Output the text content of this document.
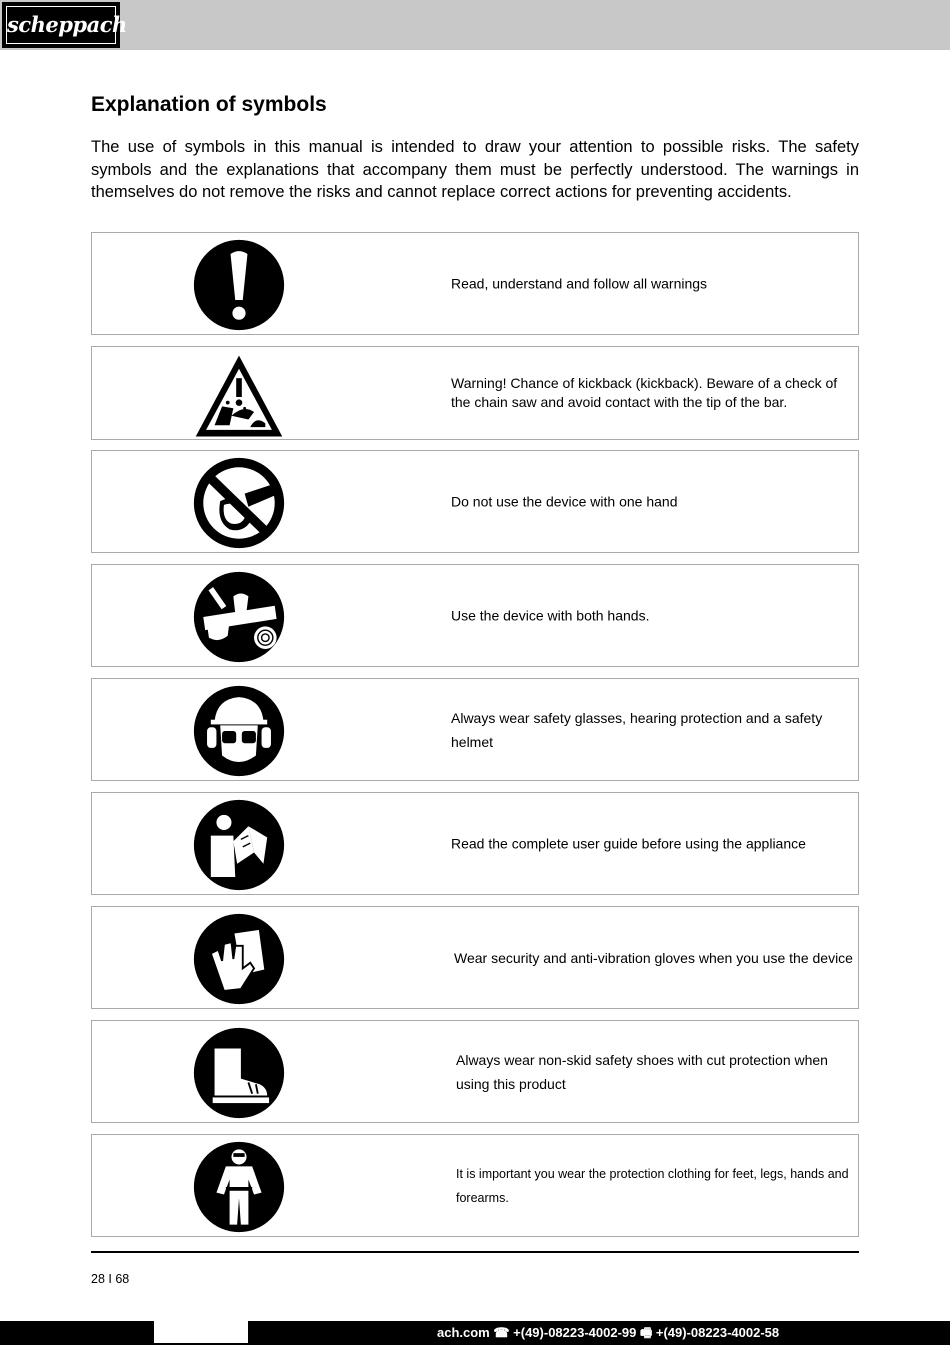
scheppach
Explanation of symbols

The use of symbols in this manual is intended to draw your attention to possible risks. The safety symbols and the explanations that accompany them must be perfectly understood. The warnings in themselves do not remove the risks and cannot replace correct actions for preventing accidents.

Read, understand and follow all warnings
Warning! Chance of kickback (kickback). Beware of a check of the chain saw and avoid contact with the tip of the bar.
Do not use the device with one hand
Use the device with both hands.
Always wear safety glasses, hearing protection and a safety helmet
Read the complete user guide before using the appliance
Wear security and anti-vibration gloves when you use the device
Always wear non-skid safety shoes with cut protection when using this product
It is important you wear the protection clothing for feet, legs, hands and forearms.
28 I 68
ach.com ☎ +(49)-08223-4002-99 🖷 +(49)-08223-4002-58
